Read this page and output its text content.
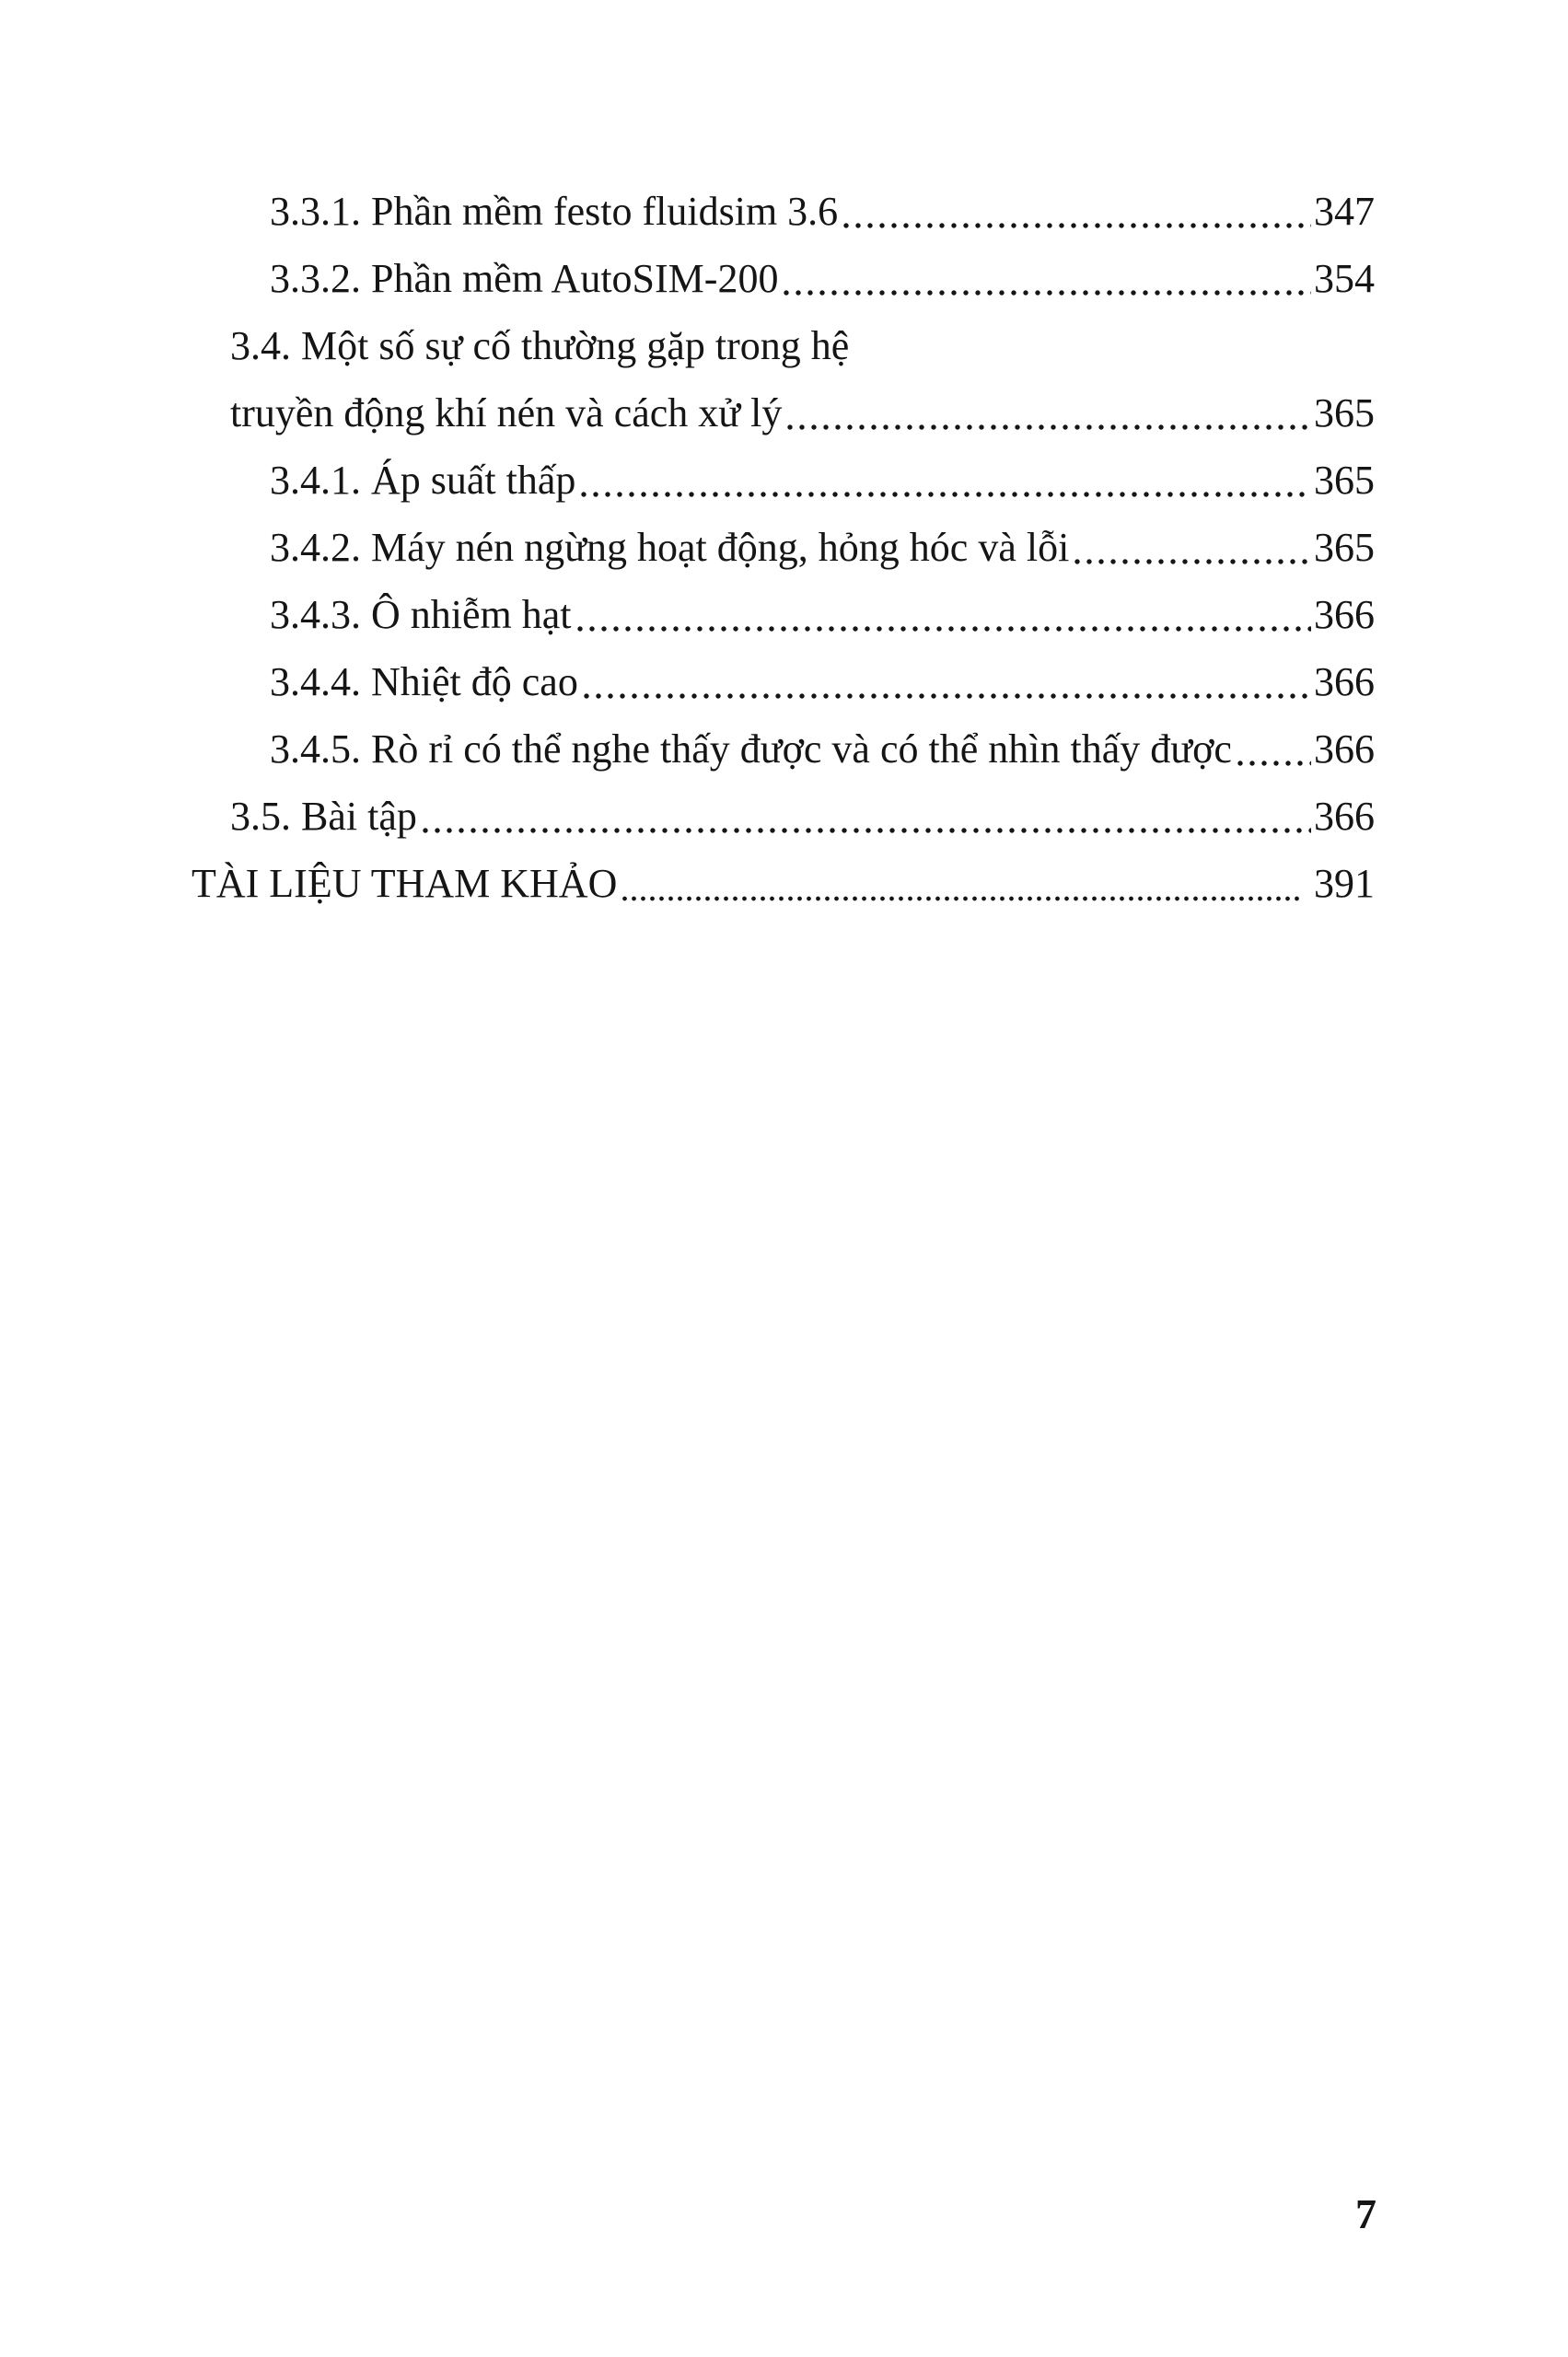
3.3.1. Phần mềm festo fluidsim 3.6	347
3.3.2. Phần mềm AutoSIM-200	354
3.4. Một số sự cố thường gặp trong hệ
truyền động khí nén và cách xử lý	365
3.4.1. Áp suất thấp	365
3.4.2. Máy nén ngừng hoạt động, hỏng hóc và lỗi	365
3.4.3. Ô nhiễm hạt	366
3.4.4. Nhiệt độ cao	366
3.4.5. Rò rỉ có thể nghe thấy được và có thể nhìn thấy được 366
3.5. Bài tập	366
TÀI LIỆU THAM KHẢO	391
7
